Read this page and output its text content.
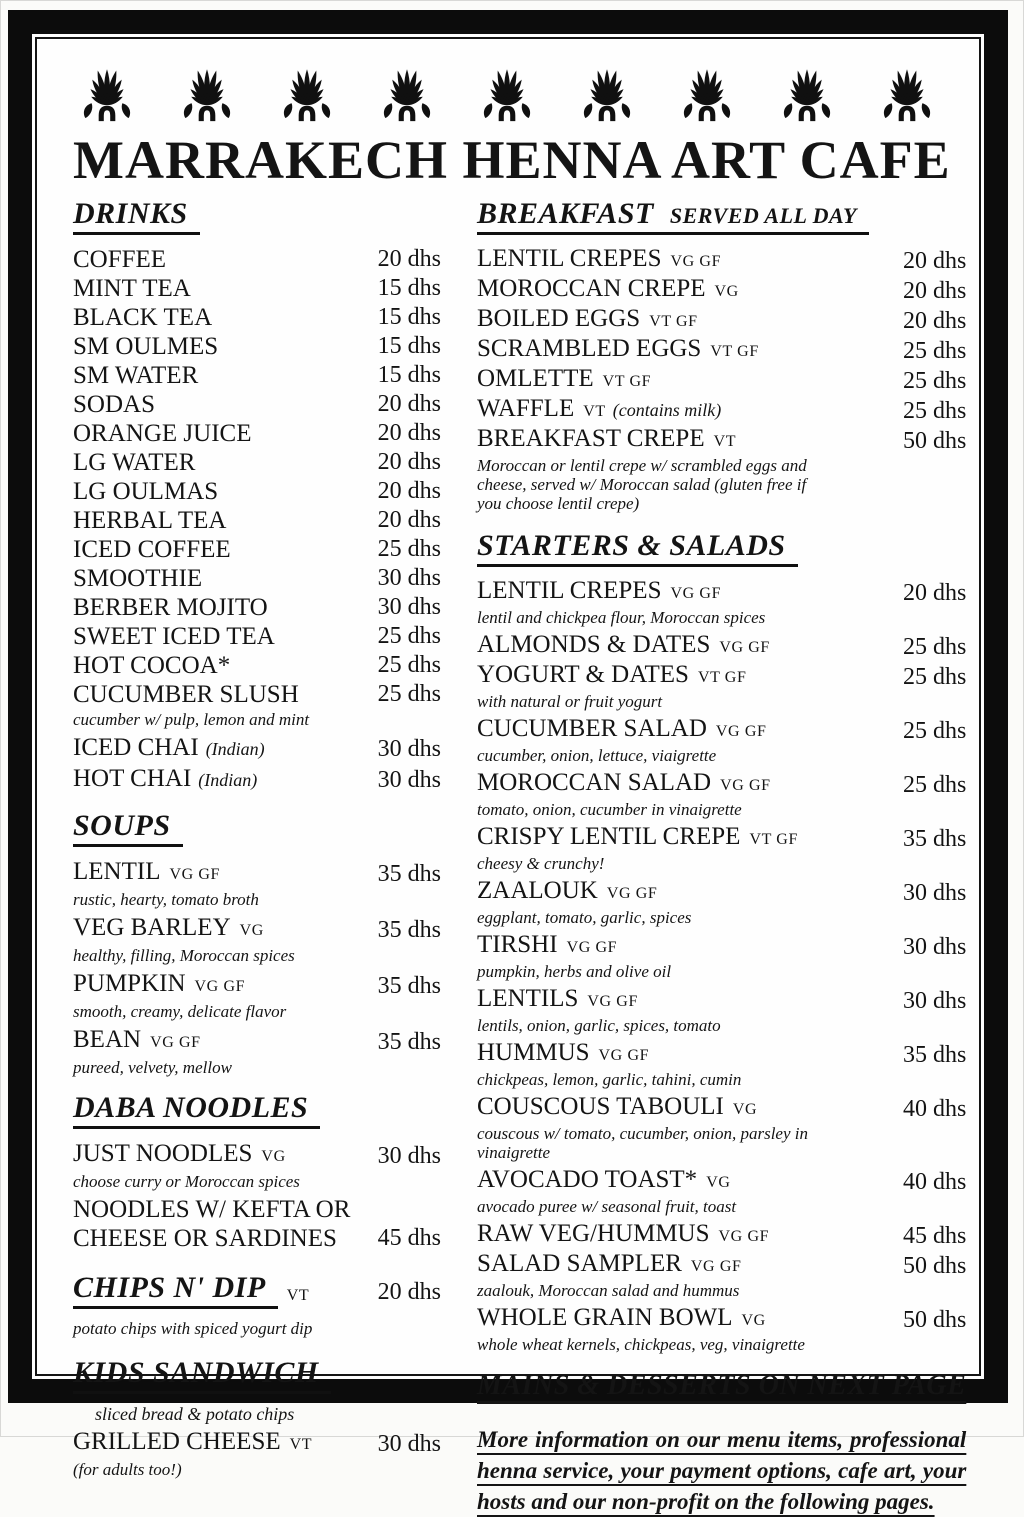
MARRAKECH HENNA ART CAFE
DRINKS
COFFEE	20 dhs
MINT TEA	15 dhs
BLACK TEA	15 dhs
SM OULMES	15 dhs
SM WATER	15 dhs
SODAS	20 dhs
ORANGE JUICE	20 dhs
LG WATER	20 dhs
LG OULMAS	20 dhs
HERBAL TEA	20 dhs
ICED COFFEE	25 dhs
SMOOTHIE	30 dhs
BERBER MOJITO	30 dhs
SWEET ICED TEA	25 dhs
HOT COCOA*	25 dhs
CUCUMBER SLUSH	25 dhs
cucumber w/ pulp, lemon and mint
ICED CHAI (Indian)	30 dhs
HOT CHAI (Indian)	30 dhs
SOUPS
LENTIL VG GF	35 dhs
rustic, hearty, tomato broth
VEG BARLEY VG	35 dhs
healthy, filling, Moroccan spices
PUMPKIN VG GF	35 dhs
smooth, creamy, delicate flavor
BEAN VG GF	35 dhs
pureed, velvety, mellow
DABA NOODLES
JUST NOODLES VG	30 dhs
choose curry or Moroccan spices
NOODLES W/ KEFTA OR CHEESE OR SARDINES	45 dhs
CHIPS N' DIP	VT	20 dhs
potato chips with spiced yogurt dip
KIDS SANDWICH
sliced bread & potato chips
GRILLED CHEESE VT	30 dhs
(for adults too!)
BREAKFAST SERVED ALL DAY
LENTIL CREPES VG GF	20 dhs
MOROCCAN CREPE VG	20 dhs
BOILED EGGS VT GF	20 dhs
SCRAMBLED EGGS VT GF	25 dhs
OMLETTE VT GF	25 dhs
WAFFLE VT (contains milk)	25 dhs
BREAKFAST CREPE VT	50 dhs
Moroccan or lentil crepe w/ scrambled eggs and cheese, served w/ Moroccan salad (gluten free if you choose lentil crepe)
STARTERS & SALADS
LENTIL CREPES VG GF	20 dhs
lentil and chickpea flour, Moroccan spices
ALMONDS & DATES VG GF	25 dhs
YOGURT & DATES VT GF	25 dhs
with natural or fruit yogurt
CUCUMBER SALAD VG GF	25 dhs
cucumber, onion, lettuce, viaigrette
MOROCCAN SALAD VG GF	25 dhs
tomato, onion, cucumber in vinaigrette
CRISPY LENTIL CREPE VT GF	35 dhs
cheesy & crunchy!
ZAALOUK VG GF	30 dhs
eggplant, tomato, garlic, spices
TIRSHI VG GF	30 dhs
pumpkin, herbs and olive oil
LENTILS VG GF	30 dhs
lentils, onion, garlic, spices, tomato
HUMMUS VG GF	35 dhs
chickpeas, lemon, garlic, tahini, cumin
COUSCOUS TABOULI VG	40 dhs
couscous w/ tomato, cucumber, onion, parsley in vinaigrette
AVOCADO TOAST* VG	40 dhs
avocado puree w/ seasonal fruit, toast
RAW VEG/HUMMUS VG GF	45 dhs
SALAD SAMPLER VG GF	50 dhs
zaalouk, Moroccan salad and hummus
WHOLE GRAIN BOWL VG	50 dhs
whole wheat kernels, chickpeas, veg, vinaigrette
MAINS & DESSERTS ON NEXT PAGE

More information on our menu items, professional henna service, your payment options, cafe art, your hosts and our non-profit on the following pages.
